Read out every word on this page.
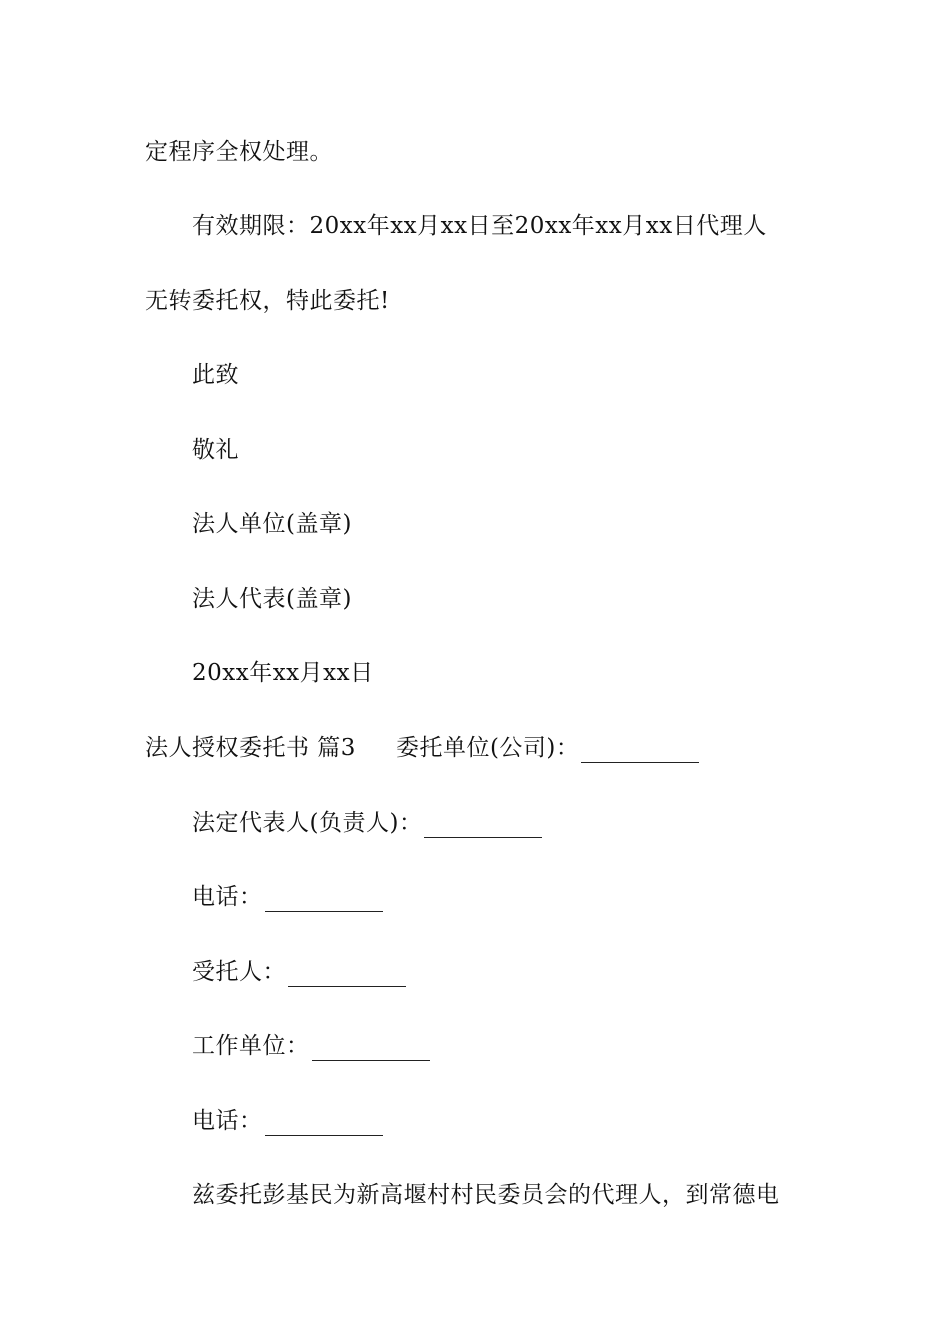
定程序全权处理。
有效期限：20xx年xx月xx日至20xx年xx月xx日代理人
无转委托权，特此委托!
此致
敬礼
法人单位(盖章)
法人代表(盖章)
20xx年xx月xx日
法人授权委托书 篇3 委托单位(公司)：
法定代表人(负责人)：
电话：
受托人：
工作单位：
电话：
兹委托彭基民为新高堰村村民委员会的代理人，到常德电
